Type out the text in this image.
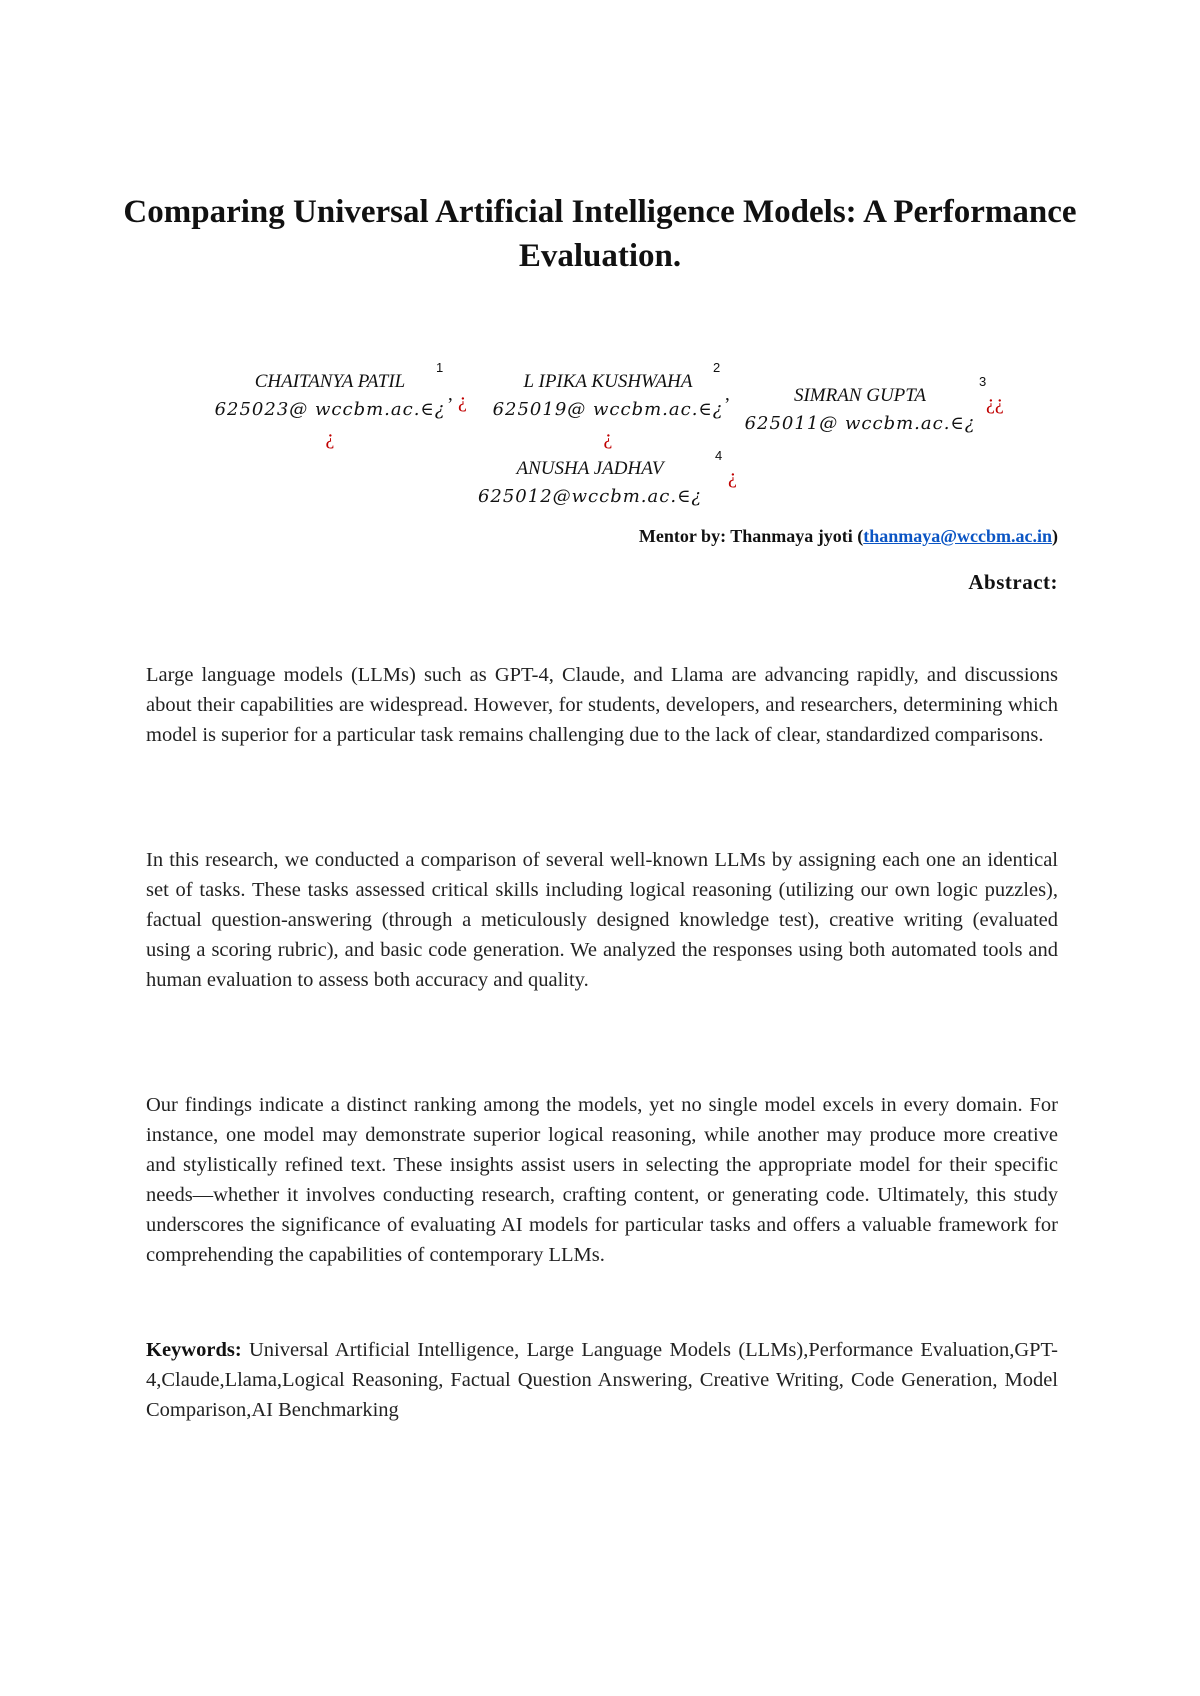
Comparing Universal Artificial Intelligence Models: A Performance Evaluation.
CHAITANYA PATIL
625023@ wccbm.ac.∈¿
¿
1
, ¿
L IPIKA KUSHWAHA
625019@ wccbm.ac.∈¿
¿
2
,	SIMRAN GUPTA
625011@ wccbm.ac.∈¿
3
¿¿
ANUSHA JADHAV
625012@wccbm.ac.∈¿
4
¿
Mentor by: Thanmaya jyoti (thanmaya@wccbm.ac.in)
Abstract:
Large language models (LLMs) such as GPT-4, Claude, and Llama are advancing rapidly, and discussions about their capabilities are widespread. However, for students, developers, and researchers, determining which model is superior for a particular task remains challenging due to the lack of clear, standardized comparisons.
In this research, we conducted a comparison of several well-known LLMs by assigning each one an identical set of tasks. These tasks assessed critical skills including logical reasoning (utilizing our own logic puzzles), factual question-answering (through a meticulously designed knowledge test), creative writing (evaluated using a scoring rubric), and basic code generation. We analyzed the responses using both automated tools and human evaluation to assess both accuracy and quality.
Our findings indicate a distinct ranking among the models, yet no single model excels in every domain. For instance, one model may demonstrate superior logical reasoning, while another may produce more creative and stylistically refined text. These insights assist users in selecting the appropriate model for their specific needs—whether it involves conducting research, crafting content, or generating code. Ultimately, this study underscores the significance of evaluating AI models for particular tasks and offers a valuable framework for comprehending the capabilities of contemporary LLMs.
Keywords: Universal Artificial Intelligence, Large Language Models (LLMs),Performance Evaluation,GPT-4,Claude,Llama,Logical Reasoning, Factual Question Answering, Creative Writing, Code Generation, Model Comparison,AI Benchmarking
